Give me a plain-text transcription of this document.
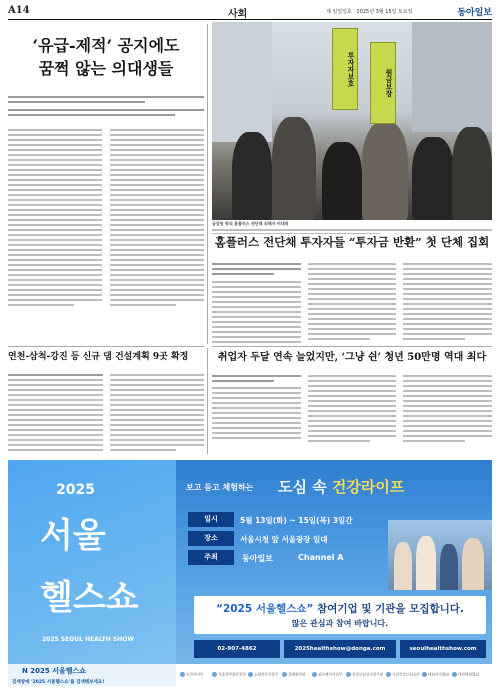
A14	사회	제 일일일호 ‧ 2025년 3월 15일 토요일	동아일보
‘유급-제적’ 공지에도
꿈쩍 않는 의대생들	투자자보호	원금보장
금감원 항의 홈플러스 전단채 피해자 비대위
홈플러스 전단채 투자자들 “투자금 반환” 첫 단체 집회
연천-삼척-강진 등 신규 댐 건설계획 9곳 확정	취업자 두달 연속 늘었지만, ‘그냥 쉰’ 청년 50만명 역대 최다
2025
서울
헬스쇼
2025 SEOUL HEALTH SHOW
보고 듣고 체험하는 도심 속 건강라이프
일시	5월 13일(화) ~ 15일(목) 3일간
장소	서울시청 앞 서울광장 일대
주최	동아일보	Channel A
“2025 서울헬스쇼” 참여기업 및 기관을 모집합니다.
많은 관심과 참여 바랍니다.
02-907-4862	2025healthshow@donga.com	seoulhealthshow.com
N 2025 서울헬스쇼
검색창에 ‘2025 서울헬스쇼’를 검색해보세요!
보건복지부	식품의약품안전처	농림축산식품부	질병관리청	중소벤처기업부	건강보험심사평가원	국민건강보험공단	대한의사협회	대한병원협회
